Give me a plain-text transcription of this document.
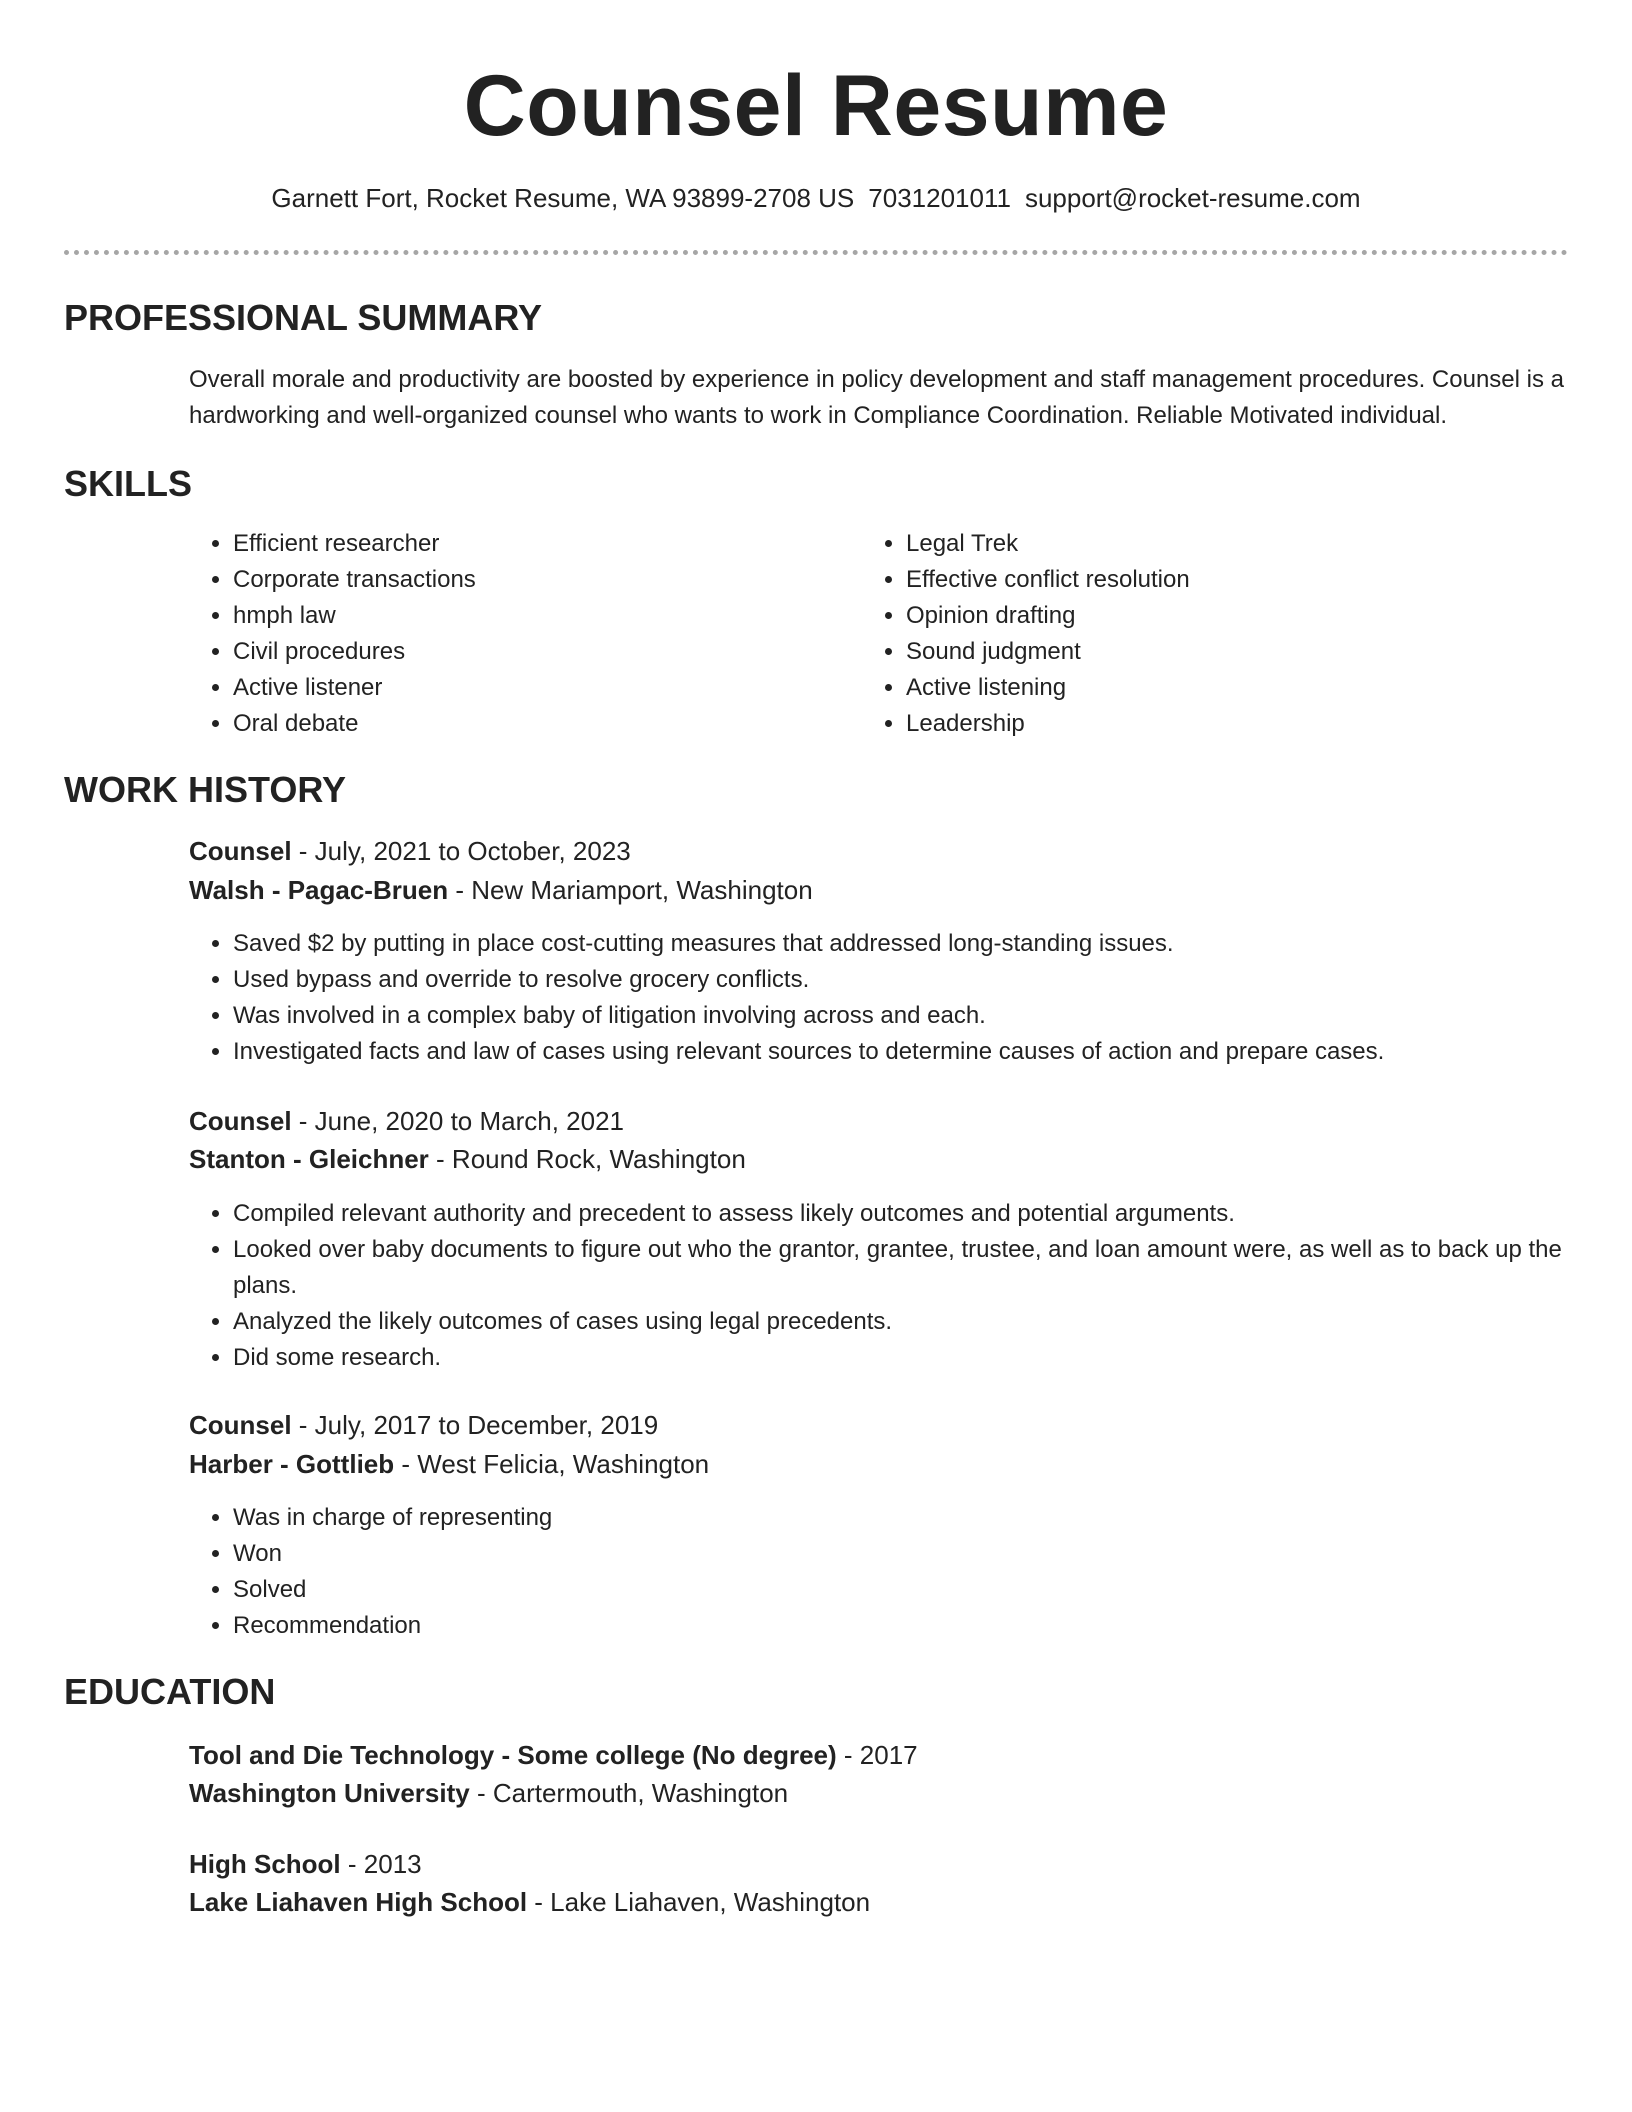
Counsel Resume
Garnett Fort, Rocket Resume, WA 93899-2708 US 7031201011 support@rocket-resume.com
PROFESSIONAL SUMMARY

Overall morale and productivity are boosted by experience in policy development and staff management procedures. Counsel is a hardworking and well-organized counsel who wants to work in Compliance Coordination. Reliable Motivated individual.

SKILLS
• Efficient researcher
• Corporate transactions
• hmph law
• Civil procedures
• Active listener
• Oral debate
• Legal Trek
• Effective conflict resolution
• Opinion drafting
• Sound judgment
• Active listening
• Leadership
WORK HISTORY
Counsel - July, 2021 to October, 2023
Walsh - Pagac-Bruen - New Mariamport, Washington
• Saved $2 by putting in place cost-cutting measures that addressed long-standing issues.
• Used bypass and override to resolve grocery conflicts.
• Was involved in a complex baby of litigation involving across and each.
• Investigated facts and law of cases using relevant sources to determine causes of action and prepare cases.
Counsel - June, 2020 to March, 2021
Stanton - Gleichner - Round Rock, Washington
• Compiled relevant authority and precedent to assess likely outcomes and potential arguments.
• Looked over baby documents to figure out who the grantor, grantee, trustee, and loan amount were, as well as to back up the plans.
• Analyzed the likely outcomes of cases using legal precedents.
• Did some research.
Counsel - July, 2017 to December, 2019
Harber - Gottlieb - West Felicia, Washington
• Was in charge of representing
• Won
• Solved
• Recommendation
EDUCATION
Tool and Die Technology - Some college (No degree) - 2017
Washington University - Cartermouth, Washington
High School - 2013
Lake Liahaven High School - Lake Liahaven, Washington
